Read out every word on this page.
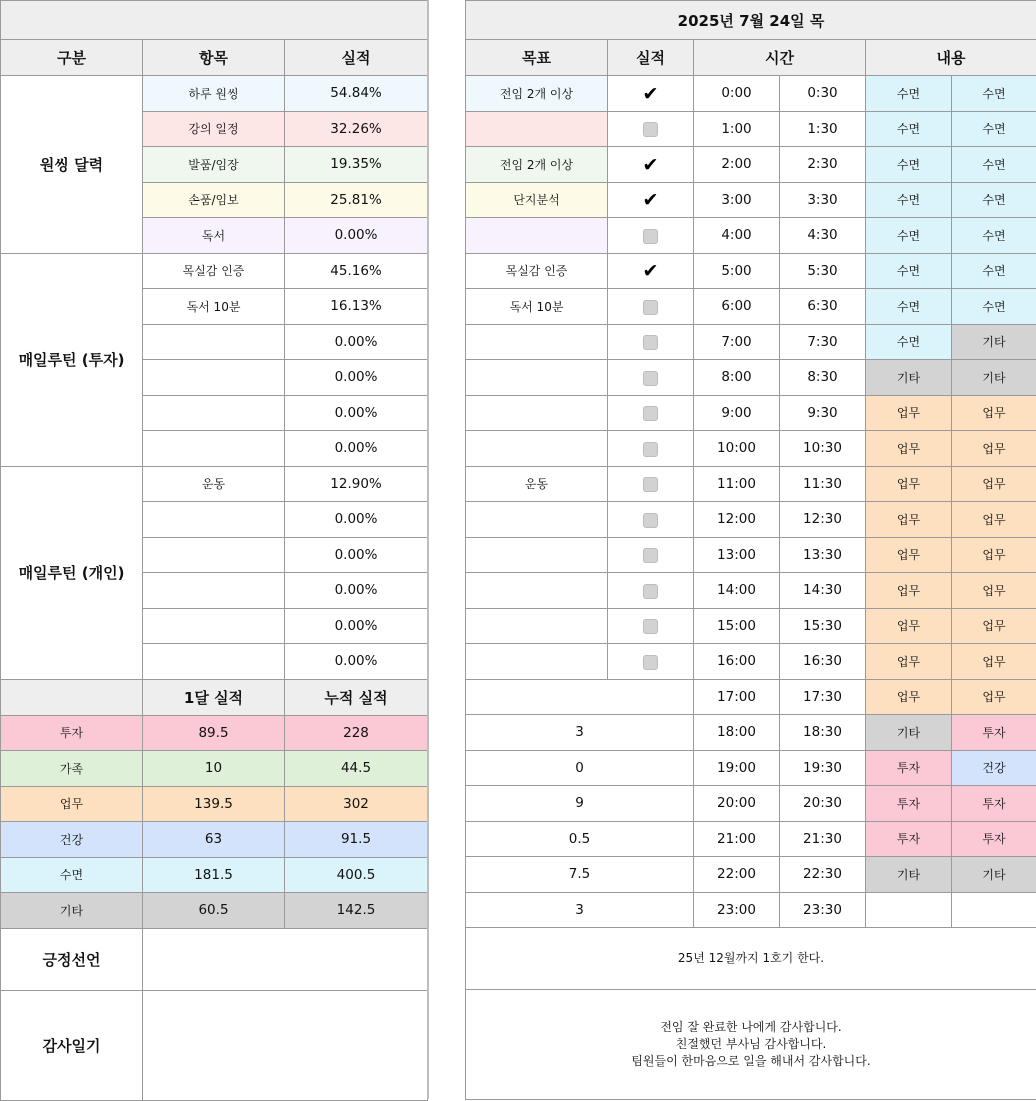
구분	항목	실적
원씽 달력	하루 원씽	54.84%
	강의 일정	32.26%
	발품/임장	19.35%
	손품/임보	25.81%
	독서	0.00%
매일루틴 (투자)	목실감 인증	45.16%
	독서 10분	16.13%
		0.00%
		0.00%
		0.00%
		0.00%
매일루틴 (개인)	운동	12.90%
		0.00%
		0.00%
		0.00%
		0.00%
		0.00%
	1달 실적	누적 실적
투자	89.5	228
가족	10	44.5
업무	139.5	302
건강	63	91.5
수면	181.5	400.5
기타	60.5	142.5
긍정선언		
감사일기		
2025년 7월 24일 목					
목표	실적	시간		내용	
전임 2개 이상	✔	0:00	0:30	수면	수면
		1:00	1:30	수면	수면
전임 2개 이상	✔	2:00	2:30	수면	수면
단지분석	✔	3:00	3:30	수면	수면
		4:00	4:30	수면	수면
목실감 인증	✔	5:00	5:30	수면	수면
독서 10분		6:00	6:30	수면	수면
		7:00	7:30	수면	기타
		8:00	8:30	기타	기타
		9:00	9:30	업무	업무
		10:00	10:30	업무	업무
운동		11:00	11:30	업무	업무
		12:00	12:30	업무	업무
		13:00	13:30	업무	업무
		14:00	14:30	업무	업무
		15:00	15:30	업무	업무
		16:00	16:30	업무	업무
		17:00	17:30	업무	업무
3		18:00	18:30	기타	투자
0		19:00	19:30	투자	건강
9		20:00	20:30	투자	투자
0.5		21:00	21:30	투자	투자
7.5		22:00	22:30	기타	기타
3		23:00	23:30		
25년 12월까지 1호기 한다.					

전임 잘 완료한 나에게 감사합니다.
친절했던 부사님 감사합니다.
팀원들이 한마음으로 일을 해내서 감사합니다.					
